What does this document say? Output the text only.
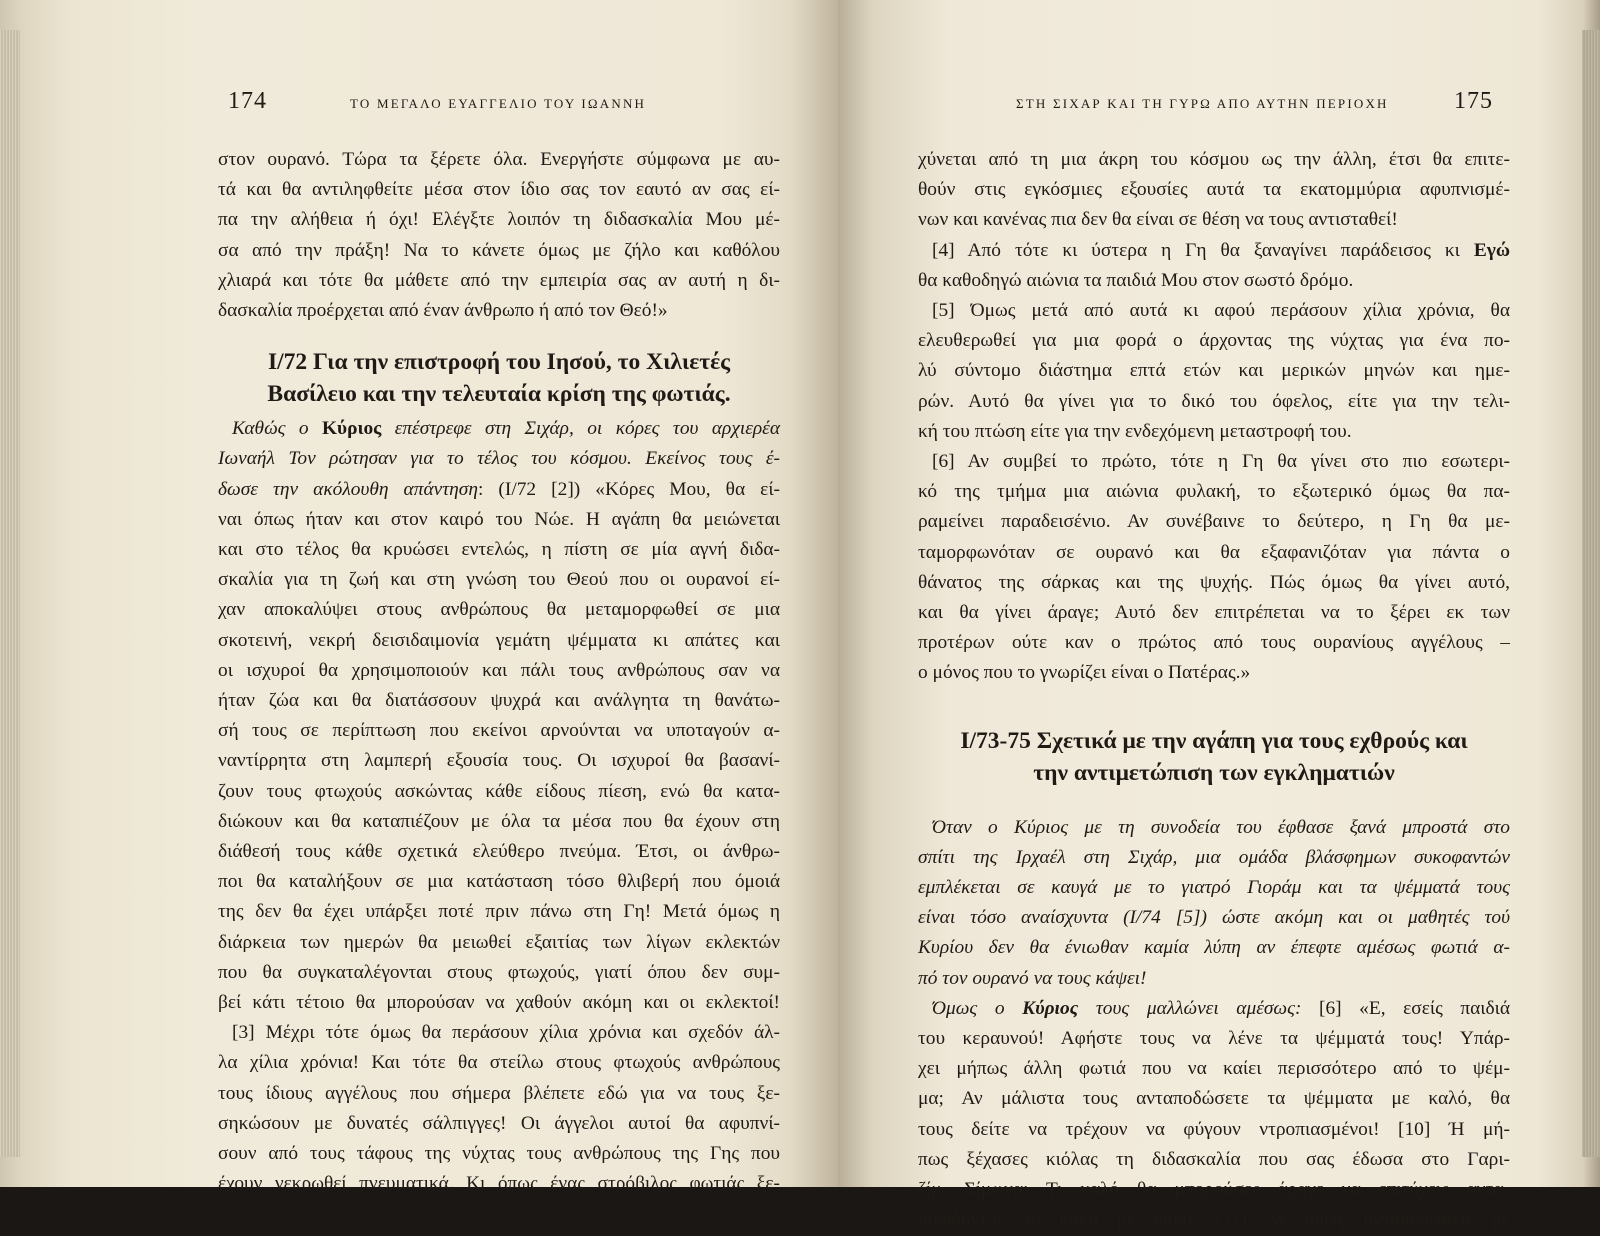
174	ΤΟ ΜΕΓΑΛΟ ΕΥΑΓΓΕΛΙΟ ΤΟΥ ΙΩΑΝΝΗ
στον ουρανό. Τώρα τα ξέρετε όλα. Ενεργήστε σύμφωνα με αυ-
τά και θα αντιληφθείτε μέσα στον ίδιο σας τον εαυτό αν σας εί-
πα την αλήθεια ή όχι! Ελέγξτε λοιπόν τη διδασκαλία Μου μέ-
σα από την πράξη! Να το κάνετε όμως με ζήλο και καθόλου
χλιαρά και τότε θα μάθετε από την εμπειρία σας αν αυτή η δι-
δασκαλία προέρχεται από έναν άνθρωπο ή από τον Θεό!»
I/72 Για την επιστροφή του Ιησού, το Χιλιετές
Βασίλειο και την τελευταία κρίση της φωτιάς.
Καθώς ο Κύριος επέστρεφε στη Σιχάρ, οι κόρες του αρχιερέα
Ιωναήλ Τον ρώτησαν για το τέλος του κόσμου. Εκείνος τους έ-
δωσε την ακόλουθη απάντηση: (I/72 [2]) «Κόρες Μου, θα εί-
ναι όπως ήταν και στον καιρό του Νώε. Η αγάπη θα μειώνεται
και στο τέλος θα κρυώσει εντελώς, η πίστη σε μία αγνή διδα-
σκαλία για τη ζωή και στη γνώση του Θεού που οι ουρανοί εί-
χαν αποκαλύψει στους ανθρώπους θα μεταμορφωθεί σε μια
σκοτεινή, νεκρή δεισιδαιμονία γεμάτη ψέμματα κι απάτες και
οι ισχυροί θα χρησιμοποιούν και πάλι τους ανθρώπους σαν να
ήταν ζώα και θα διατάσσουν ψυχρά και ανάλγητα τη θανάτω-
σή τους σε περίπτωση που εκείνοι αρνούνται να υποταγούν α-
ναντίρρητα στη λαμπερή εξουσία τους. Οι ισχυροί θα βασανί-
ζουν τους φτωχούς ασκώντας κάθε είδους πίεση, ενώ θα κατα-
διώκουν και θα καταπιέζουν με όλα τα μέσα που θα έχουν στη
διάθεσή τους κάθε σχετικά ελεύθερο πνεύμα. Έτσι, οι άνθρω-
ποι θα καταλήξουν σε μια κατάσταση τόσο θλιβερή που όμοιά
της δεν θα έχει υπάρξει ποτέ πριν πάνω στη Γη! Μετά όμως η
διάρκεια των ημερών θα μειωθεί εξαιτίας των λίγων εκλεκτών
που θα συγκαταλέγονται στους φτωχούς, γιατί όπου δεν συμ-
βεί κάτι τέτοιο θα μπορούσαν να χαθούν ακόμη και οι εκλεκτοί!
[3] Μέχρι τότε όμως θα περάσουν χίλια χρόνια και σχεδόν άλ-
λα χίλια χρόνια! Και τότε θα στείλω στους φτωχούς ανθρώπους
τους ίδιους αγγέλους που σήμερα βλέπετε εδώ για να τους ξε-
σηκώσουν με δυνατές σάλπιγγες! Οι άγγελοι αυτοί θα αφυπνί-
σουν από τους τάφους της νύχτας τους ανθρώπους της Γης που
έχουν νεκρωθεί πνευματικά. Κι όπως ένας στρόβιλος φωτιάς ξε-
ΣΤΗ ΣΙΧΑΡ ΚΑΙ ΤΗ ΓΥΡΩ ΑΠΟ ΑΥΤΗΝ ΠΕΡΙΟΧΗ	175
χύνεται από τη μια άκρη του κόσμου ως την άλλη, έτσι θα επιτε-
θούν στις εγκόσμιες εξουσίες αυτά τα εκατομμύρια αφυπνισμέ-
νων και κανένας πια δεν θα είναι σε θέση να τους αντισταθεί!
[4] Από τότε κι ύστερα η Γη θα ξαναγίνει παράδεισος κι Εγώ
θα καθοδηγώ αιώνια τα παιδιά Μου στον σωστό δρόμο.
[5] Όμως μετά από αυτά κι αφού περάσουν χίλια χρόνια, θα
ελευθερωθεί για μια φορά ο άρχοντας της νύχτας για ένα πο-
λύ σύντομο διάστημα επτά ετών και μερικών μηνών και ημε-
ρών. Αυτό θα γίνει για το δικό του όφελος, είτε για την τελι-
κή του πτώση είτε για την ενδεχόμενη μεταστροφή του.
[6] Αν συμβεί το πρώτο, τότε η Γη θα γίνει στο πιο εσωτερι-
κό της τμήμα μια αιώνια φυλακή, το εξωτερικό όμως θα πα-
ραμείνει παραδεισένιο. Αν συνέβαινε το δεύτερο, η Γη θα με-
ταμορφωνόταν σε ουρανό και θα εξαφανιζόταν για πάντα ο
θάνατος της σάρκας και της ψυχής. Πώς όμως θα γίνει αυτό,
και θα γίνει άραγε; Αυτό δεν επιτρέπεται να το ξέρει εκ των
προτέρων ούτε καν ο πρώτος από τους ουρανίους αγγέλους –
ο μόνος που το γνωρίζει είναι ο Πατέρας.»
I/73-75 Σχετικά με την αγάπη για τους εχθρούς και
την αντιμετώπιση των εγκληματιών
Όταν ο Κύριος με τη συνοδεία του έφθασε ξανά μπροστά στο
σπίτι της Ιρχαέλ στη Σιχάρ, μια ομάδα βλάσφημων συκοφαντών
εμπλέκεται σε καυγά με το γιατρό Γιοράμ και τα ψέμματά τους
είναι τόσο αναίσχυντα (I/74 [5]) ώστε ακόμη και οι μαθητές τού
Κυρίου δεν θα ένιωθαν καμία λύπη αν έπεφτε αμέσως φωτιά α-
πό τον ουρανό να τους κάψει!
Όμως ο Κύριος τους μαλλώνει αμέσως: [6] «Ε, εσείς παιδιά
του κεραυνού! Αφήστε τους να λένε τα ψέμματά τους! Υπάρ-
χει μήπως άλλη φωτιά που να καίει περισσότερο από το ψέμ-
μα; Αν μάλιστα τους ανταποδώσετε τα ψέμματα με καλό, θα
τους δείτε να τρέχουν να φύγουν ντροπιασμένοι! [10] Ή μή-
πως ξέχασες κιόλας τη διδασκαλία που σας έδωσα στο Γαρι-
ζίμ, Σίμωνα; Τι καλό θα μπορούσες άραγε να επιτύχεις αντα-
ποδίδοντας το κακό με κακό; [11] Αν όμως ανταποδώσεις με
